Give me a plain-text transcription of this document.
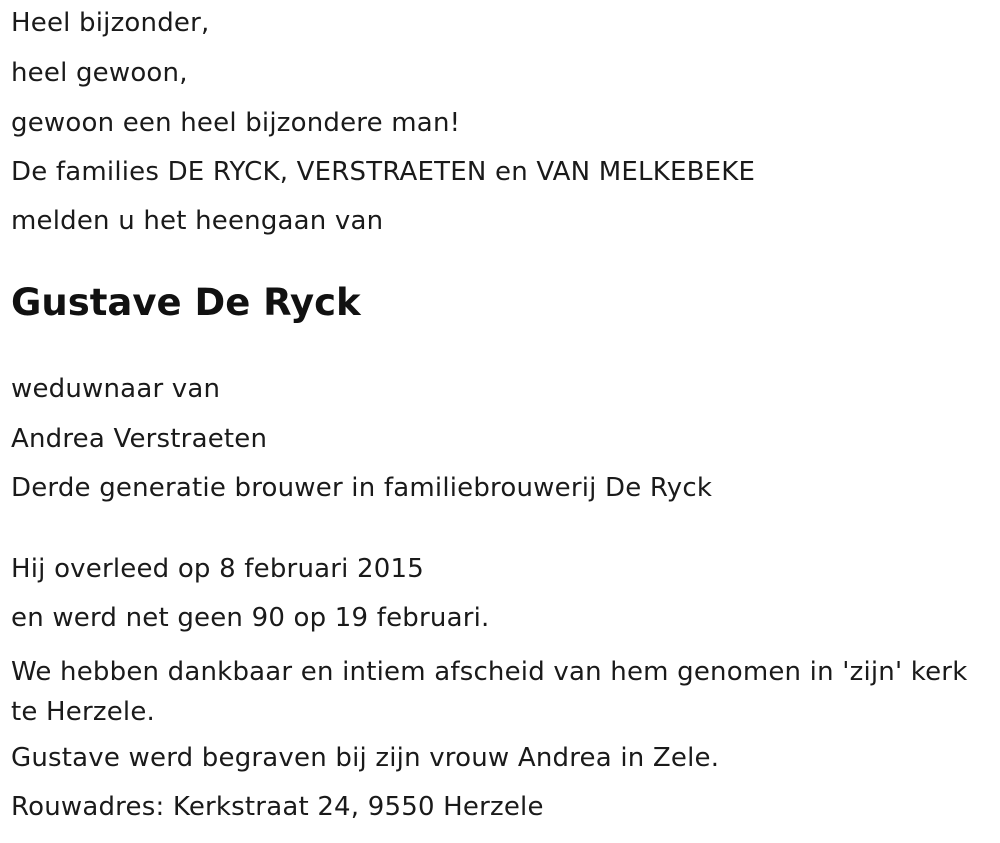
Heel bijzonder,

heel gewoon,

gewoon een heel bijzondere man!

De families DE RYCK, VERSTRAETEN en VAN MELKEBEKE

melden u het heengaan van

Gustave De Ryck

weduwnaar van

Andrea Verstraeten

Derde generatie brouwer in familiebrouwerij De Ryck

Hij overleed op 8 februari 2015

en werd net geen 90 op 19 februari.

We hebben dankbaar en intiem afscheid van hem genomen in 'zijn' kerk te Herzele.

Gustave werd begraven bij zijn vrouw Andrea in Zele.

Rouwadres: Kerkstraat 24, 9550 Herzele
